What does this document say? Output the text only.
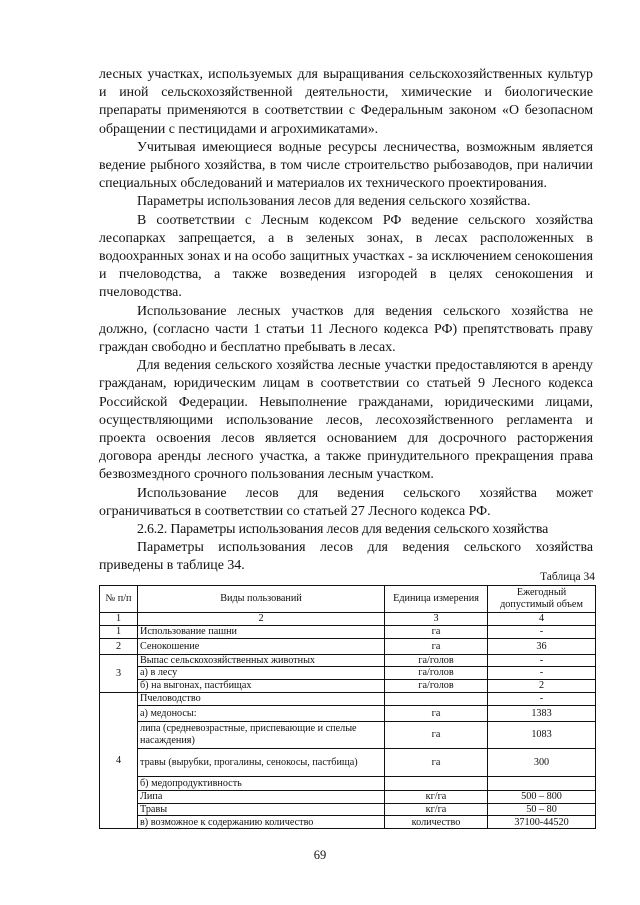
лесных участках, используемых для выращивания сельскохозяйственных культур и иной сельскохозяйственной деятельности, химические и биологические препараты применяются в соответствии с Федеральным законом «О безопасном обращении с пестицидами и агрохимикатами».

Учитывая имеющиеся водные ресурсы лесничества, возможным является ведение рыбного хозяйства, в том числе строительство рыбозаводов, при наличии специальных обследований и материалов их технического проектирования.

Параметры использования лесов для ведения сельского хозяйства.

В соответствии с Лесным кодексом РФ ведение сельского хозяйства лесопарках запрещается, а в зеленых зонах, в лесах расположенных в водоохранных зонах и на особо защитных участках - за исключением сенокошения и пчеловодства, а также возведения изгородей в целях сенокошения и пчеловодства.

Использование лесных участков для ведения сельского хозяйства не должно, (согласно части 1 статьи 11 Лесного кодекса РФ) препятствовать праву граждан свободно и бесплатно пребывать в лесах.

Для ведения сельского хозяйства лесные участки предоставляются в аренду гражданам, юридическим лицам в соответствии со статьей 9 Лесного кодекса Российской Федерации. Невыполнение гражданами, юридическими лицами, осуществляющими использование лесов, лесохозяйственного регламента и проекта освоения лесов является основанием для досрочного расторжения договора аренды лесного участка, а также принудительного прекращения права безвозмездного срочного пользования лесным участком.

Использование лесов для ведения сельского хозяйства может ограничиваться в соответствии со статьей 27 Лесного кодекса РФ.

2.6.2. Параметры использования лесов для ведения сельского хозяйства

Параметры использования лесов для ведения сельского хозяйства приведены в таблице 34.

Таблица 34
№ п/п	Виды пользований	Единица измерения	Ежегодный допустимый объем
1	2	3	4
1	Использование пашни	га	-
2	Сенокошение	га	36
3	Выпас сельскохозяйственных животных	га/голов	-
	а) в лесу	га/голов	-
	б) на выгонах, пастбищах	га/голов	2
4	Пчеловодство		-
	а) медоносы:	га	1383
	липа (средневозрастные, приспевающие и спелые насаждения)	га	1083
	травы (вырубки, прогалины, сенокосы, пастбища)	га	300
	б) медопродуктивность		
	Липа	кг/га	500 – 800
	Травы	кг/га	50 – 80
	в) возможное к содержанию количество	количество	37100-44520
69
